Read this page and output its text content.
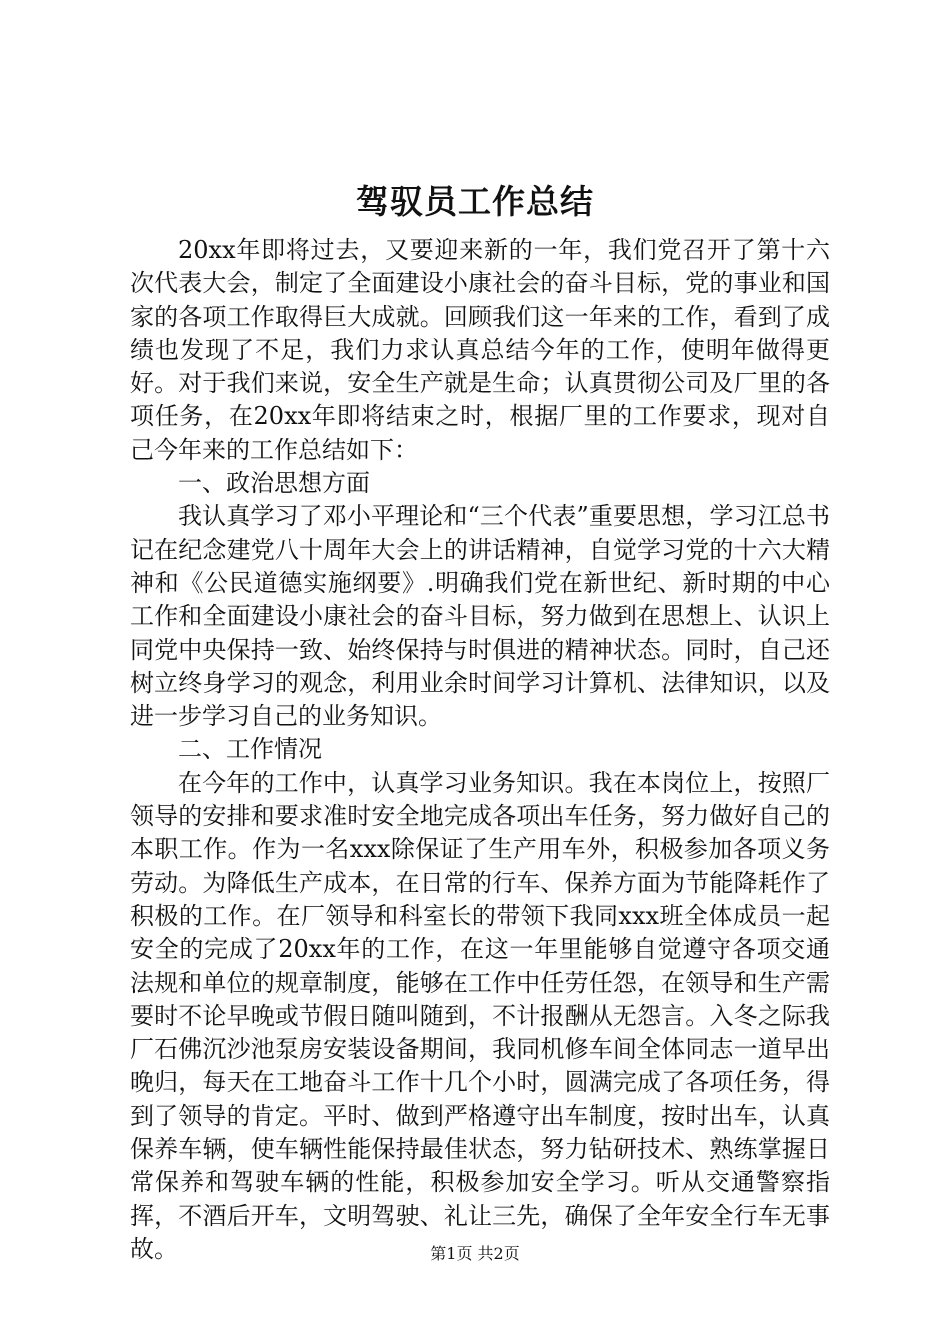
驾驭员工作总结

20xx年即将过去，又要迎来新的一年，我们党召开了第十六次代表大会，制定了全面建设小康社会的奋斗目标，党的事业和国家的各项工作取得巨大成就。回顾我们这一年来的工作，看到了成绩也发现了不足，我们力求认真总结今年的工作，使明年做得更好。对于我们来说，安全生产就是生命；认真贯彻公司及厂里的各项任务，在20xx年即将结束之时，根据厂里的工作要求，现对自己今年来的工作总结如下：

一、政治思想方面

我认真学习了邓小平理论和“三个代表”重要思想，学习江总书记在纪念建党八十周年大会上的讲话精神，自觉学习党的十六大精神和《公民道德实施纲要》.明确我们党在新世纪、新时期的中心工作和全面建设小康社会的奋斗目标，努力做到在思想上、认识上同党中央保持一致、始终保持与时俱进的精神状态。同时，自己还树立终身学习的观念，利用业余时间学习计算机、法律知识，以及进一步学习自己的业务知识。

二、工作情况

在今年的工作中，认真学习业务知识。我在本岗位上，按照厂领导的安排和要求准时安全地完成各项出车任务，努力做好自己的本职工作。作为一名xxx除保证了生产用车外，积极参加各项义务劳动。为降低生产成本，在日常的行车、保养方面为节能降耗作了积极的工作。在厂领导和科室长的带领下我同xxx班全体成员一起安全的完成了20xx年的工作，在这一年里能够自觉遵守各项交通法规和单位的规章制度，能够在工作中任劳任怨，在领导和生产需要时不论早晚或节假日随叫随到，不计报酬从无怨言。入冬之际我厂石佛沉沙池泵房安装设备期间，我同机修车间全体同志一道早出晚归，每天在工地奋斗工作十几个小时，圆满完成了各项任务，得到了领导的肯定。平时、做到严格遵守出车制度，按时出车，认真保养车辆，使车辆性能保持最佳状态，努力钻研技术、熟练掌握日常保养和驾驶车辆的性能，积极参加安全学习。听从交通警察指挥，不酒后开车，文明驾驶、礼让三先，确保了全年安全行车无事故。	第1页 共2页
